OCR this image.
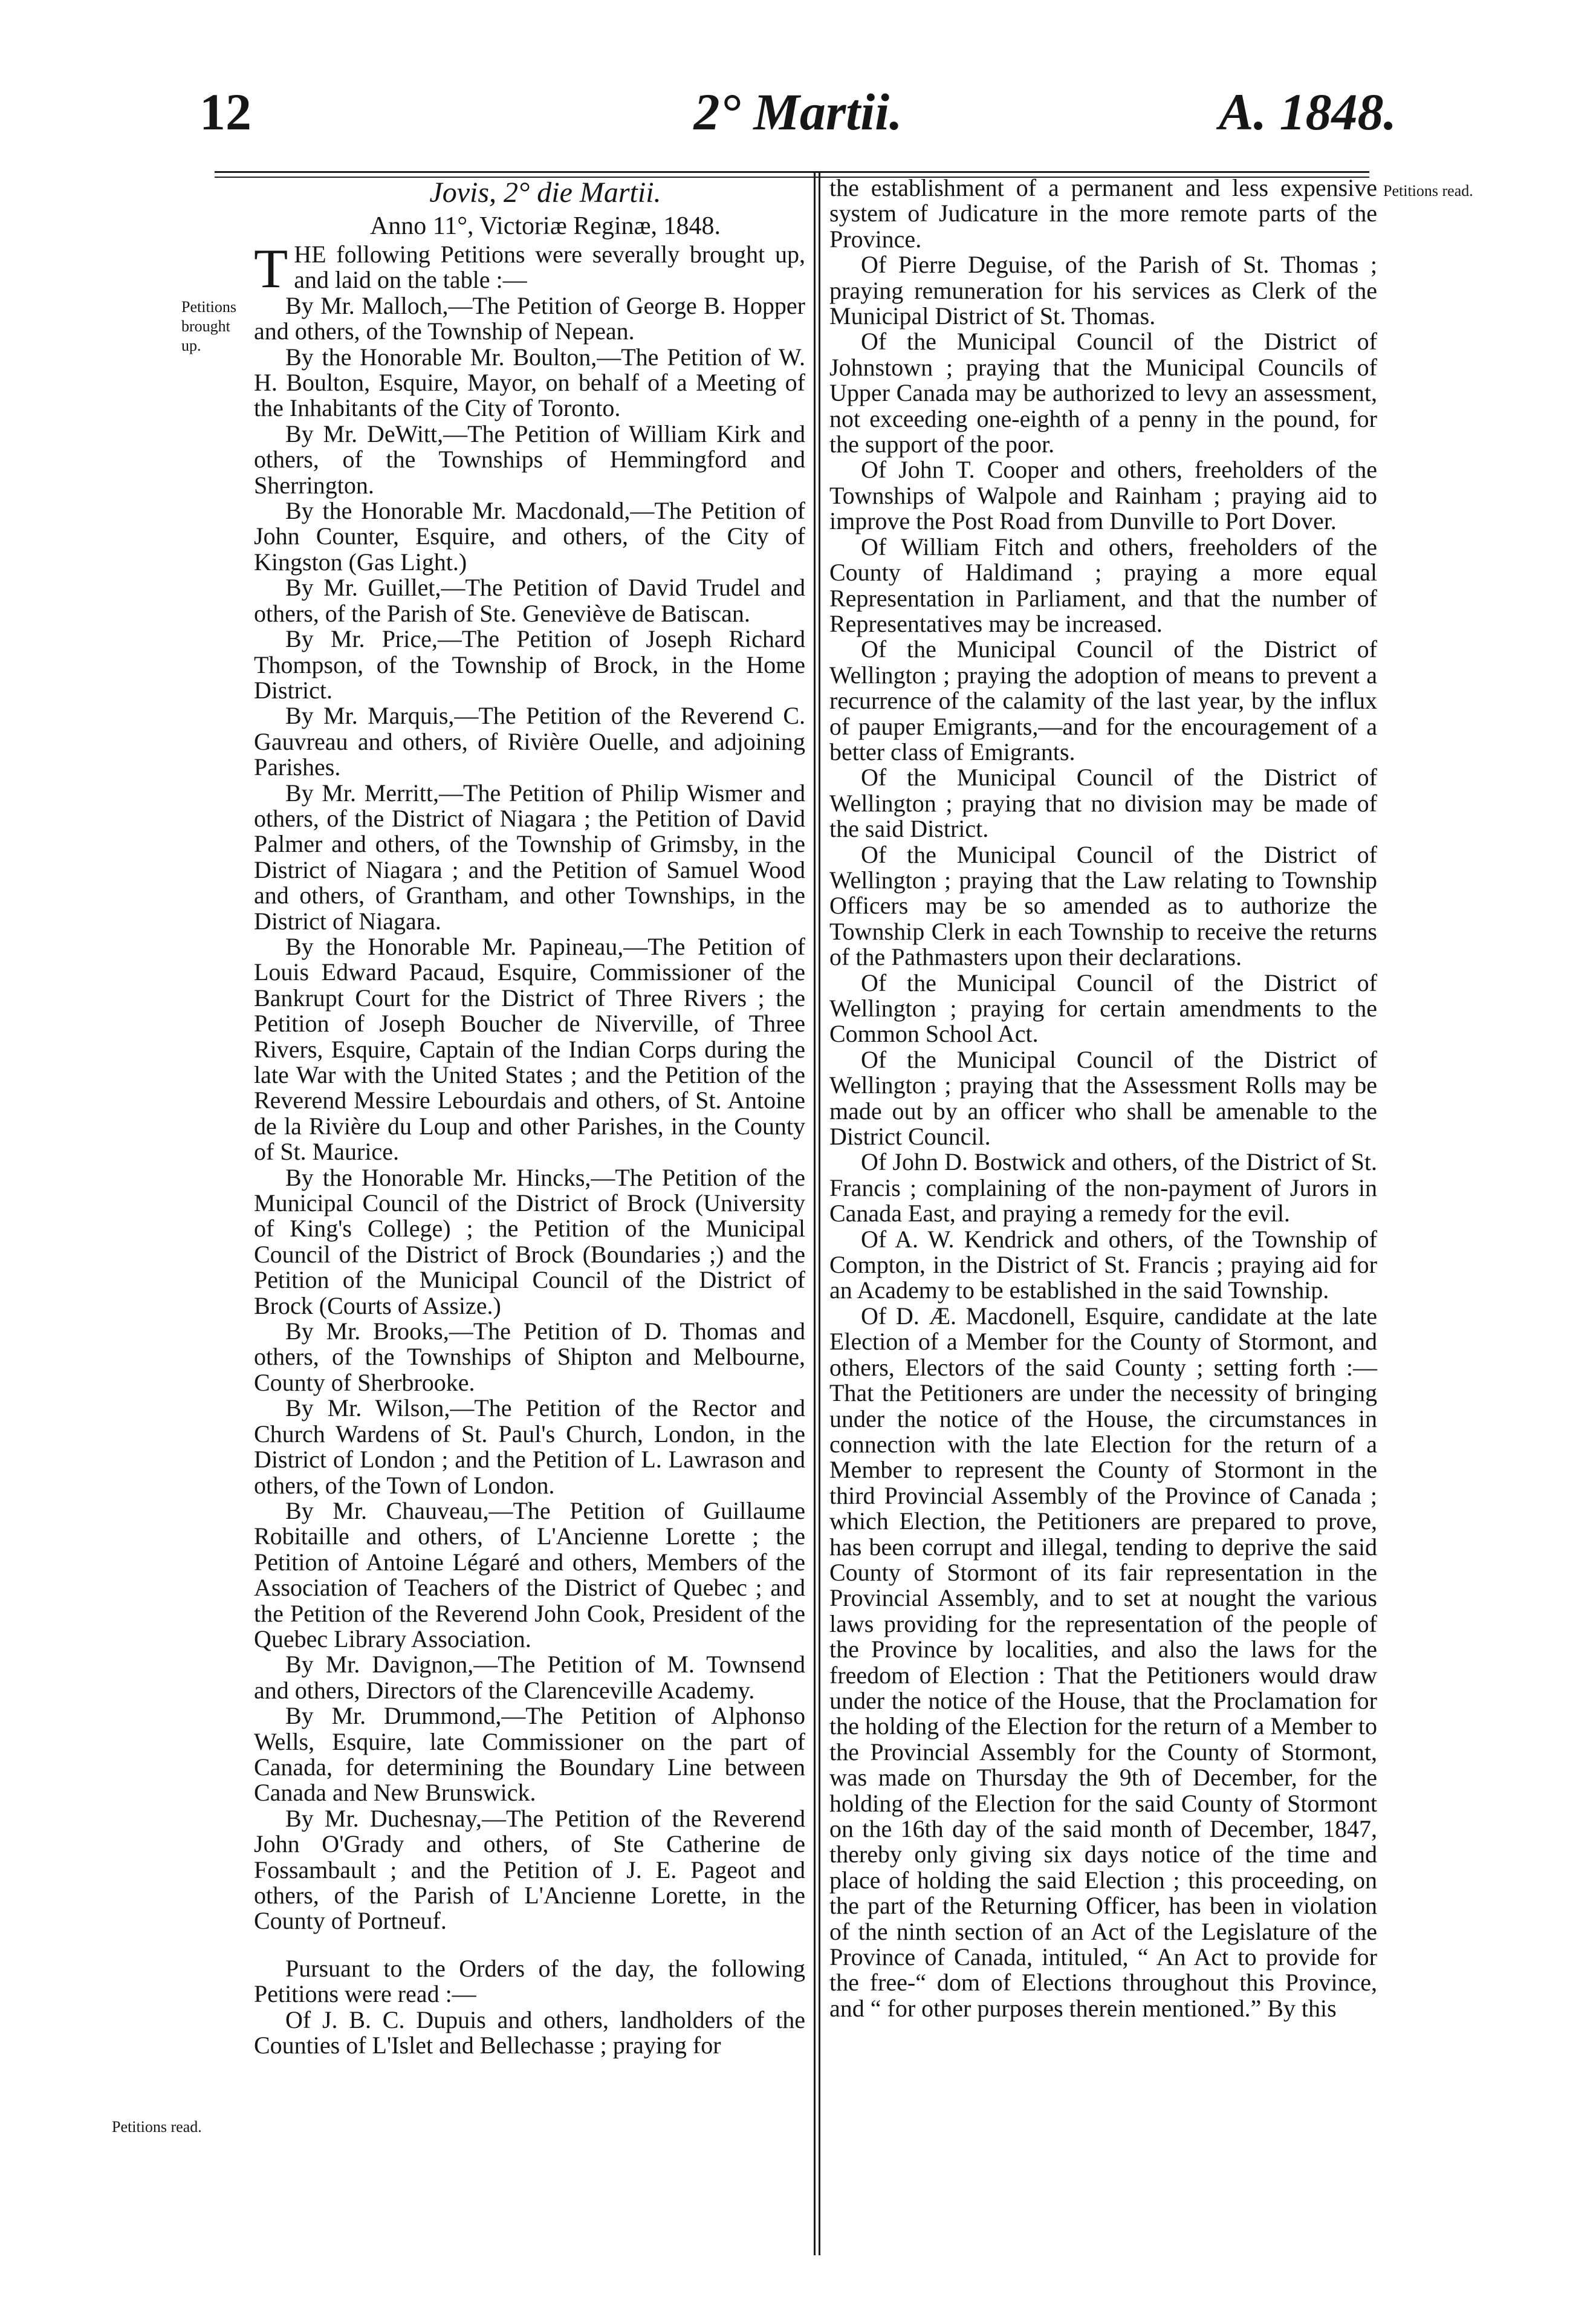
12	2° Martii.	A. 1848.
Petitions brought up.
Petitions read.
Petitions read.

Jovis, 2° die Martii.

Anno 11°, Victoriæ Reginæ, 1848.

THE following Petitions were severally brought up, and laid on the table :—

By Mr. Malloch,—The Petition of George B. Hopper and others, of the Township of Nepean.

By the Honorable Mr. Boulton,—The Petition of W. H. Boulton, Esquire, Mayor, on behalf of a Meeting of the Inhabitants of the City of Toronto.

By Mr. DeWitt,—The Petition of William Kirk and others, of the Townships of Hemmingford and Sherrington.

By the Honorable Mr. Macdonald,—The Petition of John Counter, Esquire, and others, of the City of Kingston (Gas Light.)

By Mr. Guillet,—The Petition of David Trudel and others, of the Parish of Ste. Geneviève de Batiscan.

By Mr. Price,—The Petition of Joseph Richard Thompson, of the Township of Brock, in the Home District.

By Mr. Marquis,—The Petition of the Reverend C. Gauvreau and others, of Rivière Ouelle, and adjoining Parishes.

By Mr. Merritt,—The Petition of Philip Wismer and others, of the District of Niagara ; the Petition of David Palmer and others, of the Township of Grimsby, in the District of Niagara ; and the Petition of Samuel Wood and others, of Grantham, and other Townships, in the District of Niagara.

By the Honorable Mr. Papineau,—The Petition of Louis Edward Pacaud, Esquire, Commissioner of the Bankrupt Court for the District of Three Rivers ; the Petition of Joseph Boucher de Niverville, of Three Rivers, Esquire, Captain of the Indian Corps during the late War with the United States ; and the Petition of the Reverend Messire Lebourdais and others, of St. Antoine de la Rivière du Loup and other Parishes, in the County of St. Maurice.

By the Honorable Mr. Hincks,—The Petition of the Municipal Council of the District of Brock (University of King's College) ; the Petition of the Municipal Council of the District of Brock (Boundaries ;) and the Petition of the Municipal Council of the District of Brock (Courts of Assize.)

By Mr. Brooks,—The Petition of D. Thomas and others, of the Townships of Shipton and Melbourne, County of Sherbrooke.

By Mr. Wilson,—The Petition of the Rector and Church Wardens of St. Paul's Church, London, in the District of London ; and the Petition of L. Lawrason and others, of the Town of London.

By Mr. Chauveau,—The Petition of Guillaume Robitaille and others, of L'Ancienne Lorette ; the Petition of Antoine Légaré and others, Members of the Association of Teachers of the District of Quebec ; and the Petition of the Reverend John Cook, President of the Quebec Library Association.

By Mr. Davignon,—The Petition of M. Townsend and others, Directors of the Clarenceville Academy.

By Mr. Drummond,—The Petition of Alphonso Wells, Esquire, late Commissioner on the part of Canada, for determining the Boundary Line between Canada and New Brunswick.

By Mr. Duchesnay,—The Petition of the Reverend John O'Grady and others, of Ste Catherine de Fossambault ; and the Petition of J. E. Pageot and others, of the Parish of L'Ancienne Lorette, in the County of Portneuf.

Pursuant to the Orders of the day, the following Petitions were read :—

Of J. B. C. Dupuis and others, landholders of the Counties of L'Islet and Bellechasse ; praying for

the establishment of a permanent and less expensive system of Judicature in the more remote parts of the Province.

Of Pierre Deguise, of the Parish of St. Thomas ; praying remuneration for his services as Clerk of the Municipal District of St. Thomas.

Of the Municipal Council of the District of Johnstown ; praying that the Municipal Councils of Upper Canada may be authorized to levy an assessment, not exceeding one-eighth of a penny in the pound, for the support of the poor.

Of John T. Cooper and others, freeholders of the Townships of Walpole and Rainham ; praying aid to improve the Post Road from Dunville to Port Dover.

Of William Fitch and others, freeholders of the County of Haldimand ; praying a more equal Representation in Parliament, and that the number of Representatives may be increased.

Of the Municipal Council of the District of Wellington ; praying the adoption of means to prevent a recurrence of the calamity of the last year, by the influx of pauper Emigrants,—and for the encouragement of a better class of Emigrants.

Of the Municipal Council of the District of Wellington ; praying that no division may be made of the said District.

Of the Municipal Council of the District of Wellington ; praying that the Law relating to Township Officers may be so amended as to authorize the Township Clerk in each Township to receive the returns of the Pathmasters upon their declarations.

Of the Municipal Council of the District of Wellington ; praying for certain amendments to the Common School Act.

Of the Municipal Council of the District of Wellington ; praying that the Assessment Rolls may be made out by an officer who shall be amenable to the District Council.

Of John D. Bostwick and others, of the District of St. Francis ; complaining of the non-payment of Jurors in Canada East, and praying a remedy for the evil.

Of A. W. Kendrick and others, of the Township of Compton, in the District of St. Francis ; praying aid for an Academy to be established in the said Township.

Of D. Æ. Macdonell, Esquire, candidate at the late Election of a Member for the County of Stormont, and others, Electors of the said County ; setting forth :—That the Petitioners are under the necessity of bringing under the notice of the House, the circumstances in connection with the late Election for the return of a Member to represent the County of Stormont in the third Provincial Assembly of the Province of Canada ; which Election, the Petitioners are prepared to prove, has been corrupt and illegal, tending to deprive the said County of Stormont of its fair representation in the Provincial Assembly, and to set at nought the various laws providing for the representation of the people of the Province by localities, and also the laws for the freedom of Election : That the Petitioners would draw under the notice of the House, that the Proclamation for the holding of the Election for the return of a Member to the Provincial Assembly for the County of Stormont, was made on Thursday the 9th of December, for the holding of the Election for the said County of Stormont on the 16th day of the said month of December, 1847, thereby only giving six days notice of the time and place of holding the said Election ; this proceeding, on the part of the Returning Officer, has been in violation of the ninth section of an Act of the Legislature of the Province of Canada, intituled, “ An Act to provide for the free-“ dom of Elections throughout this Province, and “ for other purposes therein mentioned.” By this
